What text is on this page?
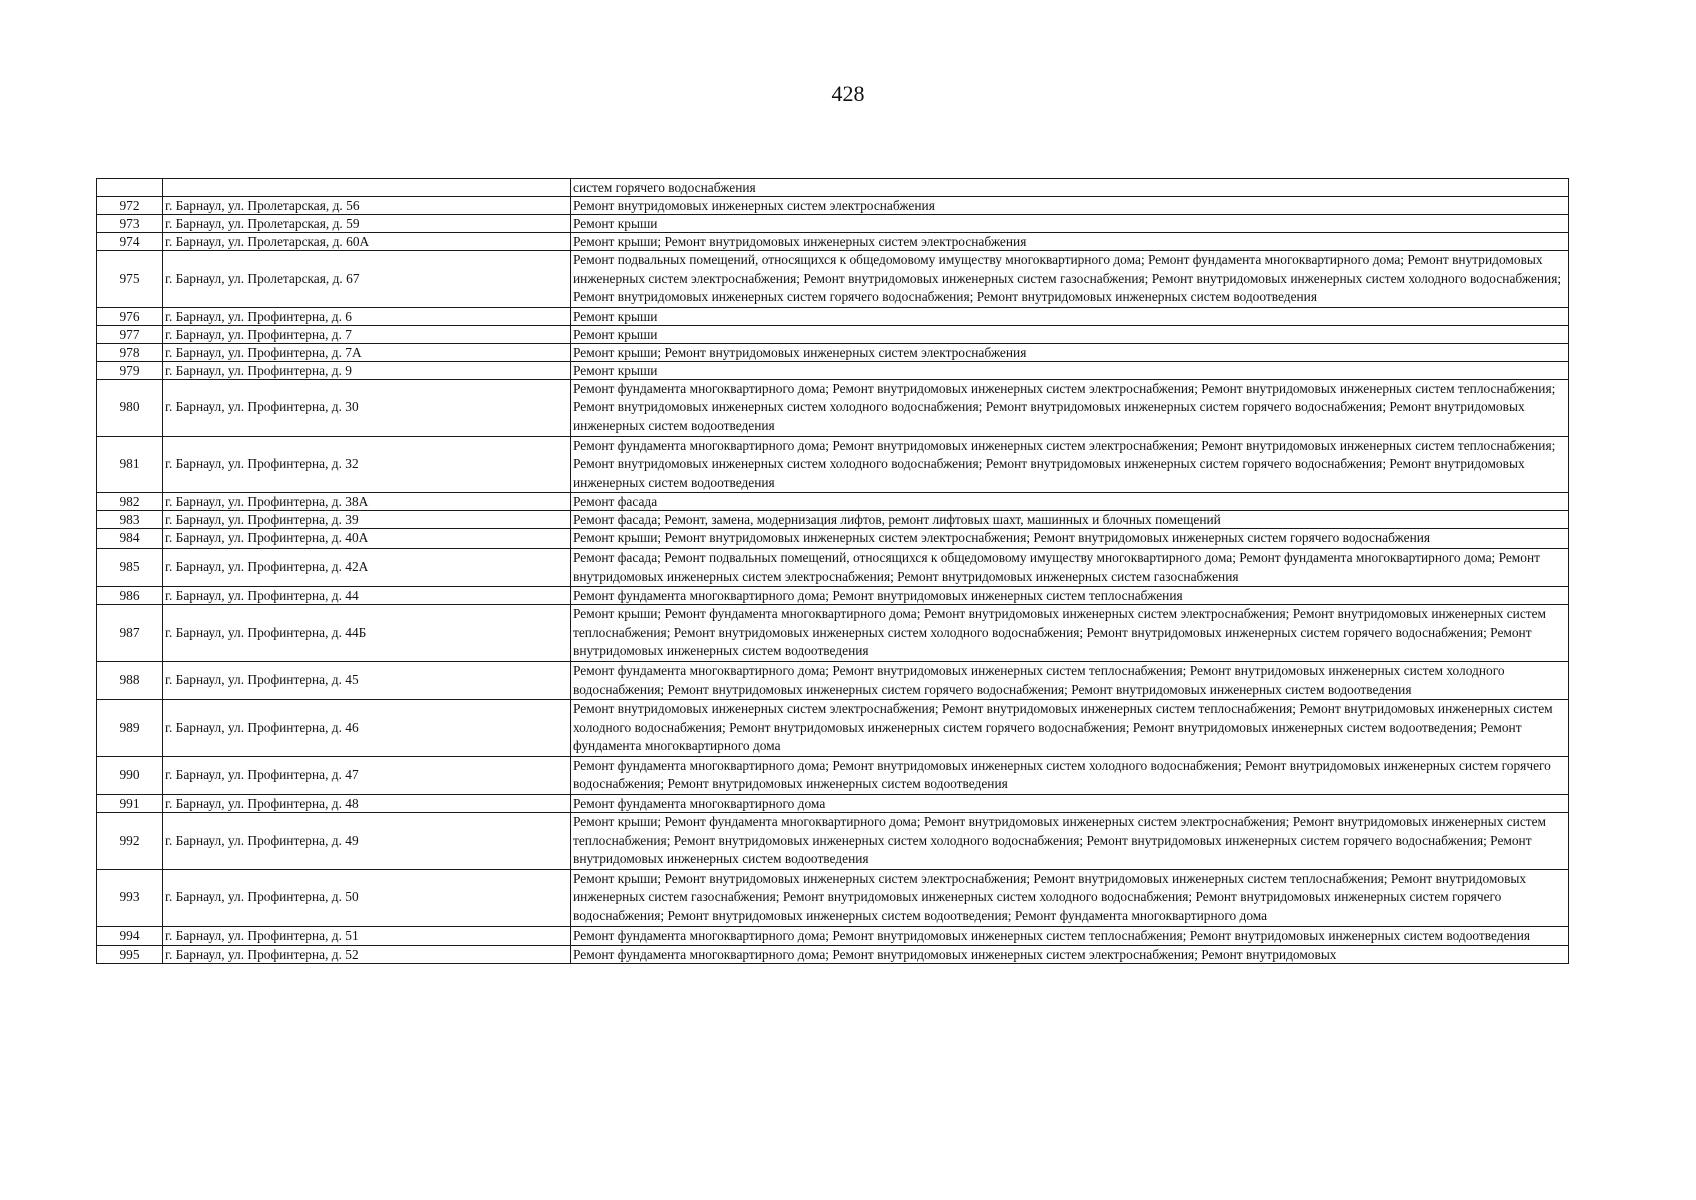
428
		систем горячего водоснабжения
972	г. Барнаул, ул. Пролетарская, д. 56	Ремонт внутридомовых инженерных систем электроснабжения
973	г. Барнаул, ул. Пролетарская, д. 59	Ремонт крыши
974	г. Барнаул, ул. Пролетарская, д. 60А	Ремонт крыши; Ремонт внутридомовых инженерных систем электроснабжения
975	г. Барнаул, ул. Пролетарская, д. 67	Ремонт подвальных помещений, относящихся к общедомовому имуществу многоквартирного дома; Ремонт фундамента многоквартирного дома; Ремонт внутридомовых инженерных систем электроснабжения; Ремонт внутридомовых инженерных систем газоснабжения; Ремонт внутридомовых инженерных систем холодного водоснабжения; Ремонт внутридомовых инженерных систем горячего водоснабжения; Ремонт внутридомовых инженерных систем водоотведения
976	г. Барнаул, ул. Профинтерна, д. 6	Ремонт крыши
977	г. Барнаул, ул. Профинтерна, д. 7	Ремонт крыши
978	г. Барнаул, ул. Профинтерна, д. 7А	Ремонт крыши; Ремонт внутридомовых инженерных систем электроснабжения
979	г. Барнаул, ул. Профинтерна, д. 9	Ремонт крыши
980	г. Барнаул, ул. Профинтерна, д. 30	Ремонт фундамента многоквартирного дома; Ремонт внутридомовых инженерных систем электроснабжения; Ремонт внутридомовых инженерных систем теплоснабжения; Ремонт внутридомовых инженерных систем холодного водоснабжения; Ремонт внутридомовых инженерных систем горячего водоснабжения; Ремонт внутридомовых инженерных систем водоотведения
981	г. Барнаул, ул. Профинтерна, д. 32	Ремонт фундамента многоквартирного дома; Ремонт внутридомовых инженерных систем электроснабжения; Ремонт внутридомовых инженерных систем теплоснабжения; Ремонт внутридомовых инженерных систем холодного водоснабжения; Ремонт внутридомовых инженерных систем горячего водоснабжения; Ремонт внутридомовых инженерных систем водоотведения
982	г. Барнаул, ул. Профинтерна, д. 38А	Ремонт фасада
983	г. Барнаул, ул. Профинтерна, д. 39	Ремонт фасада; Ремонт, замена, модернизация лифтов, ремонт лифтовых шахт, машинных и блочных помещений
984	г. Барнаул, ул. Профинтерна, д. 40А	Ремонт крыши; Ремонт внутридомовых инженерных систем электроснабжения; Ремонт внутридомовых инженерных систем горячего водоснабжения
985	г. Барнаул, ул. Профинтерна, д. 42А	Ремонт фасада; Ремонт подвальных помещений, относящихся к общедомовому имуществу многоквартирного дома; Ремонт фундамента многоквартирного дома; Ремонт внутридомовых инженерных систем электроснабжения; Ремонт внутридомовых инженерных систем газоснабжения
986	г. Барнаул, ул. Профинтерна, д. 44	Ремонт фундамента многоквартирного дома; Ремонт внутридомовых инженерных систем теплоснабжения
987	г. Барнаул, ул. Профинтерна, д. 44Б	Ремонт крыши; Ремонт фундамента многоквартирного дома; Ремонт внутридомовых инженерных систем электроснабжения; Ремонт внутридомовых инженерных систем теплоснабжения; Ремонт внутридомовых инженерных систем холодного водоснабжения; Ремонт внутридомовых инженерных систем горячего водоснабжения; Ремонт внутридомовых инженерных систем водоотведения
988	г. Барнаул, ул. Профинтерна, д. 45	Ремонт фундамента многоквартирного дома; Ремонт внутридомовых инженерных систем теплоснабжения; Ремонт внутридомовых инженерных систем холодного водоснабжения; Ремонт внутридомовых инженерных систем горячего водоснабжения; Ремонт внутридомовых инженерных систем водоотведения
989	г. Барнаул, ул. Профинтерна, д. 46	Ремонт внутридомовых инженерных систем электроснабжения; Ремонт внутридомовых инженерных систем теплоснабжения; Ремонт внутридомовых инженерных систем холодного водоснабжения; Ремонт внутридомовых инженерных систем горячего водоснабжения; Ремонт внутридомовых инженерных систем водоотведения; Ремонт фундамента многоквартирного дома
990	г. Барнаул, ул. Профинтерна, д. 47	Ремонт фундамента многоквартирного дома; Ремонт внутридомовых инженерных систем холодного водоснабжения; Ремонт внутридомовых инженерных систем горячего водоснабжения; Ремонт внутридомовых инженерных систем водоотведения
991	г. Барнаул, ул. Профинтерна, д. 48	Ремонт фундамента многоквартирного дома
992	г. Барнаул, ул. Профинтерна, д. 49	Ремонт крыши; Ремонт фундамента многоквартирного дома; Ремонт внутридомовых инженерных систем электроснабжения; Ремонт внутридомовых инженерных систем теплоснабжения; Ремонт внутридомовых инженерных систем холодного водоснабжения; Ремонт внутридомовых инженерных систем горячего водоснабжения; Ремонт внутридомовых инженерных систем водоотведения
993	г. Барнаул, ул. Профинтерна, д. 50	Ремонт крыши; Ремонт внутридомовых инженерных систем электроснабжения; Ремонт внутридомовых инженерных систем теплоснабжения; Ремонт внутридомовых инженерных систем газоснабжения; Ремонт внутридомовых инженерных систем холодного водоснабжения; Ремонт внутридомовых инженерных систем горячего водоснабжения; Ремонт внутридомовых инженерных систем водоотведения; Ремонт фундамента многоквартирного дома
994	г. Барнаул, ул. Профинтерна, д. 51	Ремонт фундамента многоквартирного дома; Ремонт внутридомовых инженерных систем теплоснабжения; Ремонт внутридомовых инженерных систем водоотведения
995	г. Барнаул, ул. Профинтерна, д. 52	Ремонт фундамента многоквартирного дома; Ремонт внутридомовых инженерных систем электроснабжения; Ремонт внутридомовых
